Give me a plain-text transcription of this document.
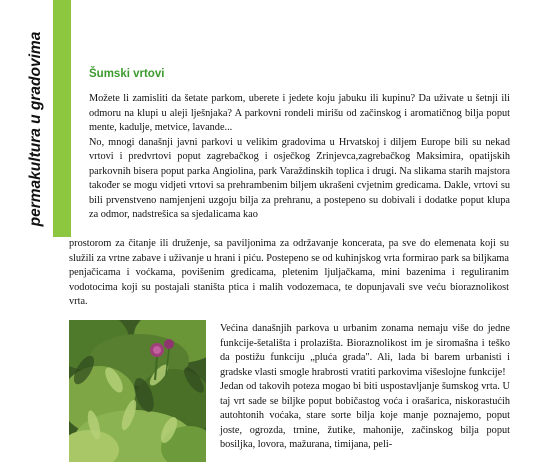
permakultura u gradovima	Šumski vrtovi

Možete li zamisliti da šetate parkom, uberete i jedete koju jabuku ili kupinu? Da uživate u šetnji ili odmoru na klupi u aleji lješnjaka? A parkovni rondeli mirišu od začinskog i aromatičnog bilja poput mente, kadulje, metvice, lavande...

No, mnogi današnji javni parkovi u velikim gradovima u Hrvatskoj i diljem Europe bili su nekad vrtovi i predvrtovi poput zagrebačkog i osječkog Zrinjevca,zagrebačkog Maksimira, opatijskih parkovnih bisera poput parka Angiolina, park Varaždinskih toplica i drugi. Na slikama starih majstora također se mogu vidjeti vrtovi sa prehrambenim biljem ukrašeni cvjetnim gredicama. Dakle, vrtovi su bili prvenstveno namjenjeni uzgoju bilja za prehranu, a postepeno su dobivali i dodatke poput klupa za odmor, nadstrešica sa sjedalicama kao

prostorom za čitanje ili druženje, sa paviljonima za održavanje koncerata, pa sve do elemenata koji su služili za vrtne zabave i uživanje u hrani i piću. Postepeno se od kuhinjskog vrta formirao park sa biljkama penjačicama i voćkama, povišenim gredicama, pletenim ljuljačkama, mini bazenima i reguliranim vodotocima koji su postajali staništa ptica i malih vodozemaca, te dopunjavali sve veću bioraznolikost vrta.

Većina današnjih parkova u urbanim zonama nemaju više do jedne funkcije-šetališta i prolazišta. Bioraznolikost im je siromašna i teško da postižu funkciju „pluća grada". Ali, lada bi barem urbanisti i gradske vlasti smogle hrabrosti vratiti parkovima višeslojne funkcije!

Jedan od takovih poteza mogao bi biti uspostavljanje šumskog vrta. U taj vrt sade se biljke poput bobičastog voća i orašarica, niskorastućih autohtonih voćaka, stare sorte bilja koje manje poznajemo, poput joste, ogrozda, trnine, žutike, mahonije, začinskog bilja poput bosiljka, lovora, mažurana, timijana, peli-
